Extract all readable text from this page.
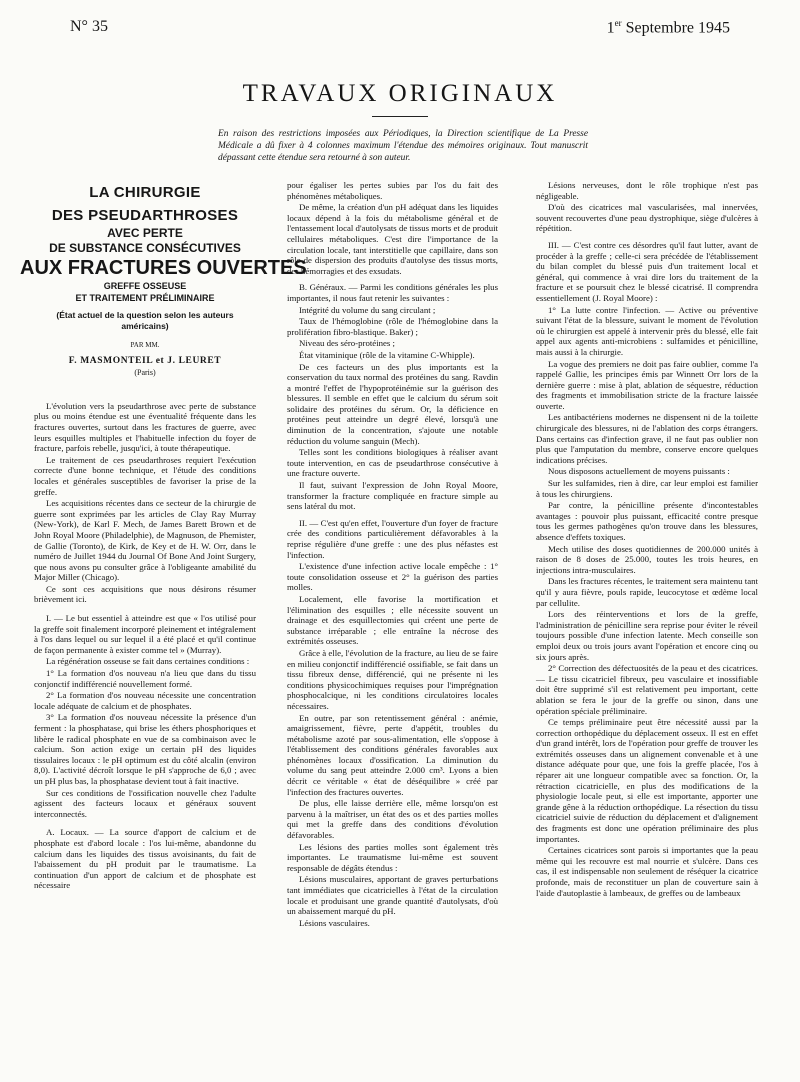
N° 35	1er Septembre 1945
TRAVAUX ORIGINAUX
En raison des restrictions imposées aux Périodiques, la Direction scientifique de La Presse Médicale a dû fixer à 4 colonnes maximum l'étendue des mémoires originaux. Tout manuscrit dépassant cette étendue sera retourné à son auteur.
LA CHIRURGIE
DES PSEUDARTHROSES
AVEC PERTE
DE SUBSTANCE CONSÉCUTIVES
AUX FRACTURES OUVERTES
GREFFE OSSEUSE
ET TRAITEMENT PRÉLIMINAIRE
(État actuel de la question selon les auteurs américains)
PAR MM.
F. MASMONTEIL et J. LEURET
(Paris)

L'évolution vers la pseudarthrose avec perte de substance plus ou moins étendue est une éventualité fréquente dans les fractures ouvertes, surtout dans les fractures de guerre, avec leurs esquilles multiples et l'habituelle infection du foyer de fracture, parfois rebelle, jusqu'ici, à toute thérapeutique.

Le traitement de ces pseudarthroses requiert l'exécution correcte d'une bonne technique, et l'étude des conditions locales et générales susceptibles de favoriser la prise de la greffe.

Les acquisitions récentes dans ce secteur de la chirurgie de guerre sont exprimées par les articles de Clay Ray Murray (New-York), de Karl F. Mech, de James Barett Brown et de John Royal Moore (Philadelphie), de Magnuson, de Phemister, de Gallie (Toronto), de Kirk, de Key et de H. W. Orr, dans le numéro de Juillet 1944 du Journal Of Bone And Joint Surgery, que nous avons pu consulter grâce à l'obligeante amabilité du Major Miller (Chicago).

Ce sont ces acquisitions que nous désirons résumer brièvement ici.

I. — Le but essentiel à atteindre est que « l'os utilisé pour la greffe soit finalement incorporé pleinement et intégralement à l'os dans lequel ou sur lequel il a été placé et qu'il continue de façon permanente à exister comme tel » (Murray).

La régénération osseuse se fait dans certaines conditions :

1° La formation d'os nouveau n'a lieu que dans du tissu conjonctif indifférencié nouvellement formé.

2° La formation d'os nouveau nécessite une concentration locale adéquate de calcium et de phosphates.

3° La formation d'os nouveau nécessite la présence d'un ferment : la phosphatase, qui brise les éthers phosphoriques et libère le radical phosphate en vue de sa combinaison avec le calcium. Son action exige un certain pH des liquides tissulaires locaux : le pH optimum est du côté alcalin (environ 8,0). L'activité décroît lorsque le pH s'approche de 6,0 ; avec un pH plus bas, la phosphatase devient tout à fait inactive.

Sur ces conditions de l'ossification nouvelle chez l'adulte agissent des facteurs locaux et généraux souvent interconnectés.

A. Locaux. — La source d'apport de calcium et de phosphate est d'abord locale : l'os lui-même, abandonne du calcium dans les liquides des tissus avoisinants, du fait de l'abaissement du pH produit par le traumatisme. La continuation d'un apport de calcium et de phosphate est nécessaire

pour égaliser les pertes subies par l'os du fait des phénomènes métaboliques.

De même, la création d'un pH adéquat dans les liquides locaux dépend à la fois du métabolisme général et de l'entassement local d'autolysats de tissus morts et de produit cellulaires métaboliques. C'est dire l'importance de la circulation locale, tant interstitielle que capillaire, dans son rôle de dispersion des produits d'autolyse des tissus morts, des hémorragies et des exsudats.

B. Généraux. — Parmi les conditions générales les plus importantes, il nous faut retenir les suivantes :

Intégrité du volume du sang circulant ;

Taux de l'hémoglobine (rôle de l'hémoglobine dans la prolifération fibro-blastique. Baker) ;

Niveau des séro-protéines ;

État vitaminique (rôle de la vitamine C-Whipple).

De ces facteurs un des plus importants est la conservation du taux normal des protéines du sang. Ravdin a montré l'effet de l'hypoprotéinémie sur la guérison des blessures. Il semble en effet que le calcium du sérum soit solidaire des protéines du sérum. Or, la déficience en protéines peut atteindre un degré élevé, lorsqu'à une diminution de la concentration, s'ajoute une notable réduction du volume sanguin (Mech).

Telles sont les conditions biologiques à réaliser avant toute intervention, en cas de pseudarthrose consécutive à une fracture ouverte.

Il faut, suivant l'expression de John Royal Moore, transformer la fracture compliquée en fracture simple au sens latéral du mot.

II. — C'est qu'en effet, l'ouverture d'un foyer de fracture crée des conditions particulièrement défavorables à la reprise régulière d'une greffe : une des plus néfastes est l'infection.

L'existence d'une infection active locale empêche : 1° toute consolidation osseuse et 2° la guérison des parties molles.

Localement, elle favorise la mortification et l'élimination des esquilles ; elle nécessite souvent un drainage et des esquillectomies qui créent une perte de substance irréparable ; elle entraîne la nécrose des extrémités osseuses.

Grâce à elle, l'évolution de la fracture, au lieu de se faire en milieu conjonctif indifférencié ossifiable, se fait dans un tissu fibreux dense, différencié, qui ne présente ni les conditions physicochimiques requises pour l'imprégnation phosphocalcique, ni les conditions circulatoires locales nécessaires.

En outre, par son retentissement général : anémie, amaigrissement, fièvre, perte d'appétit, troubles du métabolisme azoté par sous-alimentation, elle s'oppose à l'établissement des conditions générales favorables aux phénomènes locaux d'ossification. La diminution du volume du sang peut atteindre 2.000 cm³. Lyons a bien décrit ce véritable « état de déséquilibre » créé par l'infection des fractures ouvertes.

De plus, elle laisse derrière elle, même lorsqu'on est parvenu à la maîtriser, un état des os et des parties molles qui met la greffe dans des conditions d'évolution défavorables.

Les lésions des parties molles sont également très importantes. Le traumatisme lui-même est souvent responsable de dégâts étendus :

Lésions musculaires, apportant de graves perturbations tant immédiates que cicatricielles à l'état de la circulation locale et produisant une grande quantité d'autolysats, d'où un abaissement marqué du pH.

Lésions vasculaires.

Lésions nerveuses, dont le rôle trophique n'est pas négligeable.

D'où des cicatrices mal vascularisées, mal innervées, souvent recouvertes d'une peau dystrophique, siège d'ulcères à répétition.

III. — C'est contre ces désordres qu'il faut lutter, avant de procéder à la greffe ; celle-ci sera précédée de l'établissement du bilan complet du blessé puis d'un traitement local et général, qui commence à vrai dire lors du traitement de la fracture et se poursuit chez le blessé cicatrisé. Il comprendra essentiellement (J. Royal Moore) :

1° La lutte contre l'infection. — Active ou préventive suivant l'état de la blessure, suivant le moment de l'évolution où le chirurgien est appelé à intervenir près du blessé, elle fait appel aux agents anti-microbiens : sulfamides et pénicilline, mais aussi à la chirurgie.

La vogue des premiers ne doit pas faire oublier, comme l'a rappelé Gallie, les principes émis par Winnett Orr lors de la dernière guerre : mise à plat, ablation de séquestre, réduction des fragments et immobilisation stricte de la fracture laissée ouverte.

Les antibactériens modernes ne dispensent ni de la toilette chirurgicale des blessures, ni de l'ablation des corps étrangers. Dans certains cas d'infection grave, il ne faut pas oublier non plus que l'amputation du membre, conserve encore quelques indications précises.

Nous disposons actuellement de moyens puissants :

Sur les sulfamides, rien à dire, car leur emploi est familier à tous les chirurgiens.

Par contre, la pénicilline présente d'incontestables avantages : pouvoir plus puissant, efficacité contre presque tous les germes pathogènes qu'on trouve dans les blessures, absence d'effets toxiques.

Mech utilise des doses quotidiennes de 200.000 unités à raison de 8 doses de 25.000, toutes les trois heures, en injections intra-musculaires.

Dans les fractures récentes, le traitement sera maintenu tant qu'il y aura fièvre, pouls rapide, leucocytose et œdème local par cellulite.

Lors des réinterventions et lors de la greffe, l'administration de pénicilline sera reprise pour éviter le réveil toujours possible d'une infection latente. Mech conseille son emploi deux ou trois jours avant l'opération et encore cinq ou six jours après.

2° Correction des défectuosités de la peau et des cicatrices. — Le tissu cicatriciel fibreux, peu vasculaire et inossifiable doit être supprimé s'il est relativement peu important, cette ablation se fera le jour de la greffe ou sinon, dans une opération spéciale préliminaire.

Ce temps préliminaire peut être nécessité aussi par la correction orthopédique du déplacement osseux. Il est en effet d'un grand intérêt, lors de l'opération pour greffe de trouver les extrémités osseuses dans un alignement convenable et à une distance adéquate pour que, une fois la greffe placée, l'os à réparer ait une longueur compatible avec sa fonction. Or, la rétraction cicatricielle, en plus des modifications de la physiologie locale peut, si elle est importante, apporter une grande gêne à la réduction orthopédique. La résection du tissu cicatriciel suivie de réduction du déplacement et d'alignement des fragments est donc une opération préliminaire des plus importantes.

Certaines cicatrices sont parois si importantes que la peau même qui les recouvre est mal nourrie et s'ulcère. Dans ces cas, il est indispensable non seulement de réséquer la cicatrice profonde, mais de reconstituer un plan de couverture sain à l'aide d'autoplastie à lambeaux, de greffes ou de lambeaux
